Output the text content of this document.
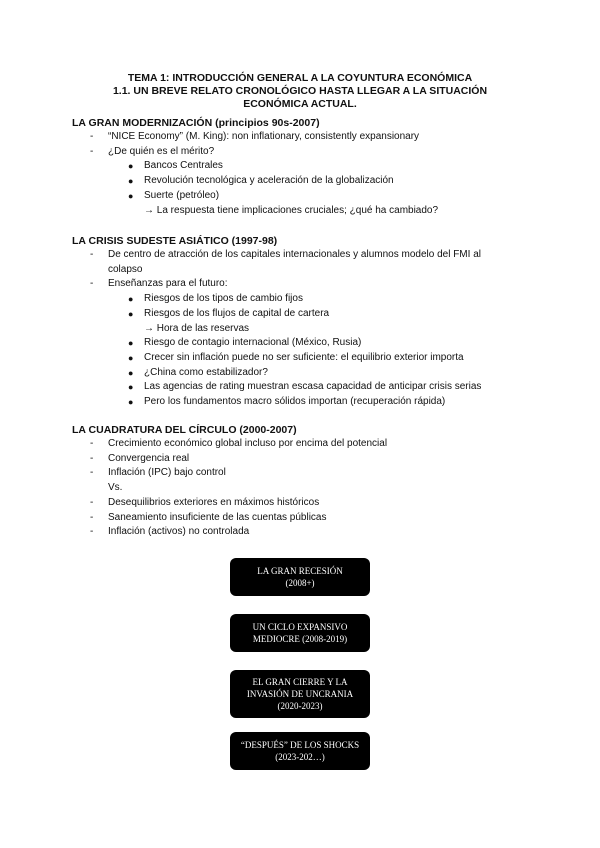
TEMA 1: INTRODUCCIÓN GENERAL A LA COYUNTURA ECONÓMICA
1.1. UN BREVE RELATO CRONOLÓGICO HASTA LLEGAR A LA SITUACIÓN
ECONÓMICA ACTUAL.
LA GRAN MODERNIZACIÓN (principios 90s-2007)
- “NICE Economy” (M. King): non inflationary, consistently expansionary
- ¿De quién es el mérito?
● Bancos Centrales
● Revolución tecnológica y aceleración de la globalización
● Suerte (petróleo)
→ La respuesta tiene implicaciones cruciales; ¿qué ha cambiado?
LA CRISIS SUDESTE ASIÁTICO (1997-98)
- De centro de atracción de los capitales internacionales y alumnos modelo del FMI al
colapso
- Enseñanzas para el futuro:
● Riesgos de los tipos de cambio fijos
● Riesgos de los flujos de capital de cartera
→ Hora de las reservas
● Riesgo de contagio internacional (México, Rusia)
● Crecer sin inflación puede no ser suficiente: el equilibrio exterior importa
● ¿China como estabilizador?
● Las agencias de rating muestran escasa capacidad de anticipar crisis serias
● Pero los fundamentos macro sólidos importan (recuperación rápida)
LA CUADRATURA DEL CÍRCULO (2000-2007)
- Crecimiento económico global incluso por encima del potencial
- Convergencia real
- Inflación (IPC) bajo control
Vs.
- Desequilibrios exteriores en máximos históricos
- Saneamiento insuficiente de las cuentas públicas
- Inflación (activos) no controlada
LA GRAN RECESIÓN
(2008+)
UN CICLO EXPANSIVO
MEDIOCRE (2008-2019)
EL GRAN CIERRE Y LA
INVASIÓN DE UNCRANIA
(2020-2023)
“DESPUÉS” DE LOS SHOCKS
(2023-202…)
